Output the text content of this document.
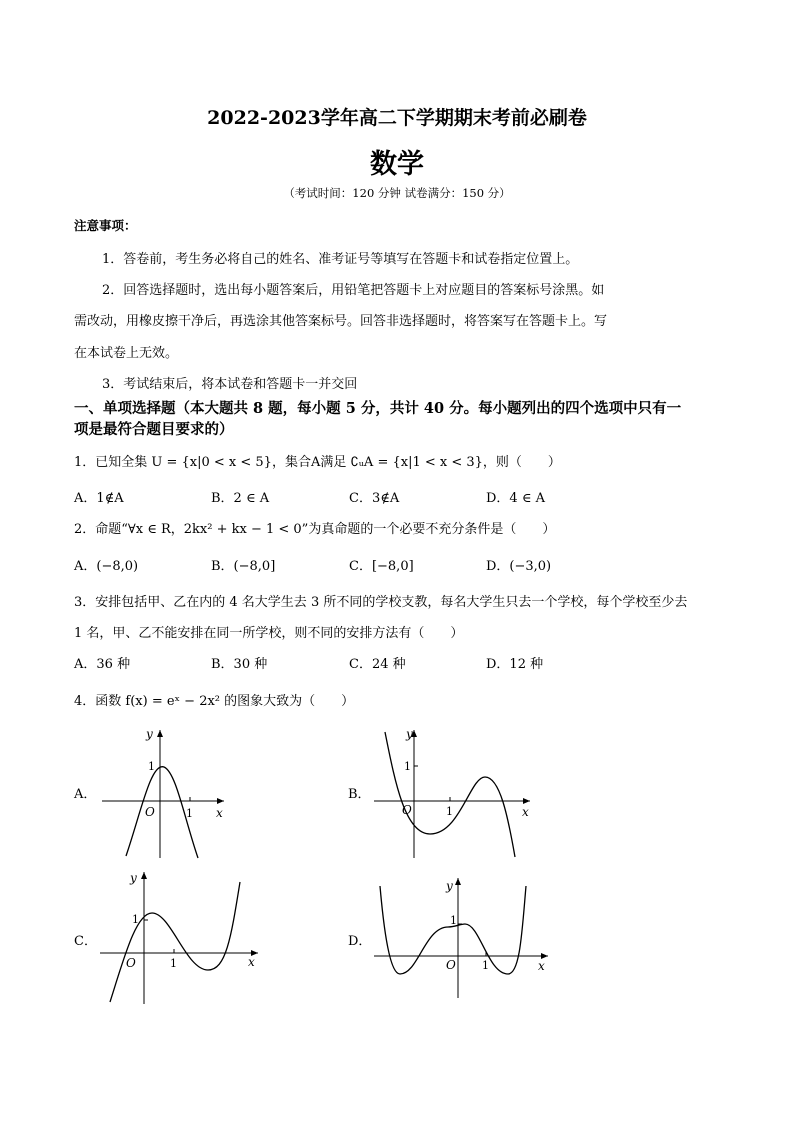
2022-2023学年高二下学期期末考前必刷卷
数学
（考试时间：120 分钟 试卷满分：150 分）
注意事项：
1．答卷前，考生务必将自己的姓名、准考证号等填写在答题卡和试卷指定位置上。
2．回答选择题时，选出每小题答案后，用铅笔把答题卡上对应题目的答案标号涂黑。如
需改动，用橡皮擦干净后，再选涂其他答案标号。回答非选择题时，将答案写在答题卡上。写
在本试卷上无效。
3．考试结束后，将本试卷和答题卡一并交回
一、单项选择题（本大题共 8 题，每小题 5 分，共计 40 分。每小题列出的四个选项中只有一
项是最符合题目要求的）
1．已知全集 U = {x|0 < x < 5}，集合A满足 ∁ᵤA = {x|1 < x < 3}，则（　　）
A．1∉A	B．2 ∈ A	C．3∉A	D．4 ∈ A
2．命题“∀x ∈ R，2kx² + kx − 1 < 0”为真命题的一个必要不充分条件是（　　）
A．(−8,0)	B．(−8,0]	C．[−8,0]	D．(−3,0)
3．安排包括甲、乙在内的 4 名大学生去 3 所不同的学校支教，每名大学生只去一个学校，每个学校至少去
1 名，甲、乙不能安排在同一所学校，则不同的安排方法有（　　）
A．36 种	B．30 种	C．24 种	D．12 种
4．函数 f(x) = eˣ − 2x² 的图象大致为（　　）
A．
y
x
O	1
1
B．
y
x
O	1
1
C．
y
x
O	1
1
D．
y
x
O 1
1
